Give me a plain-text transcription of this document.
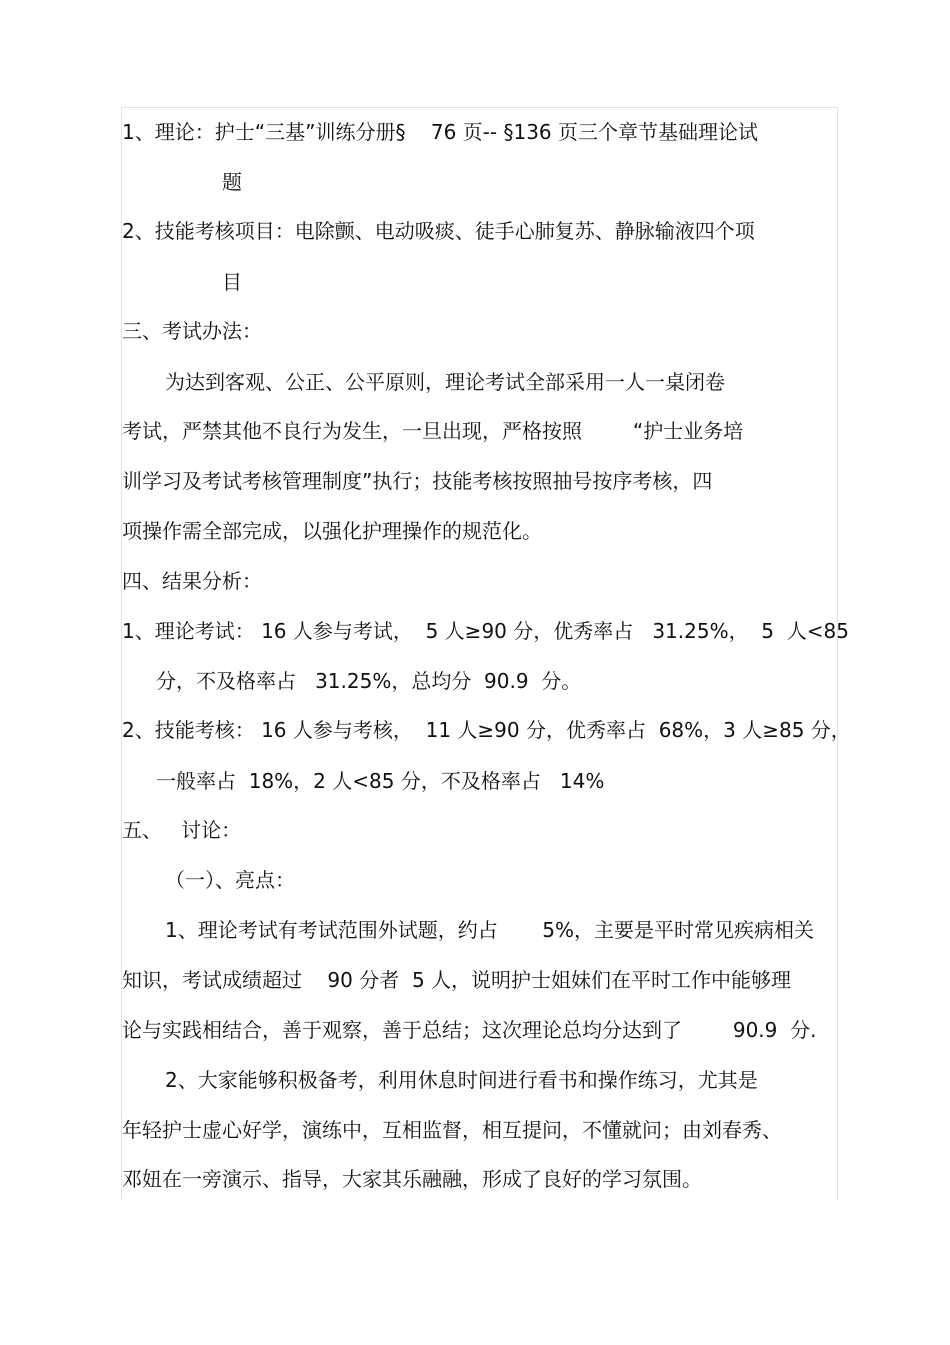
1、理论：护士“三基”训练分册§    76 页-- §136 页三个章节基础理论试
题
2、技能考核项目：电除颤、电动吸痰、徒手心肺复苏、静脉输液四个项
目
三、考试办法：
为达到客观、公正、公平原则，理论考试全部采用一人一桌闭卷
考试，严禁其他不良行为发生，一旦出现，严格按照        “护士业务培
训学习及考试考核管理制度”执行；技能考核按照抽号按序考核，四
项操作需全部完成，以强化护理操作的规范化。
四、结果分析：
1、理论考试： 16 人参与考试，  5 人≥90 分，优秀率占   31.25%，  5  人<85
分，不及格率占   31.25%，总均分  90.9  分。
2、技能考核： 16 人参与考核，  11 人≥90 分，优秀率占  68%，3 人≥85 分，
一般率占  18%，2 人<85 分，不及格率占   14%
五、   讨论：
（一）、亮点：
1、理论考试有考试范围外试题，约占       5%，主要是平时常见疾病相关
知识，考试成绩超过    90 分者  5 人，说明护士姐妹们在平时工作中能够理
论与实践相结合，善于观察，善于总结；这次理论总均分达到了        90.9  分.
2、大家能够积极备考，利用休息时间进行看书和操作练习，尤其是
年轻护士虚心好学，演练中，互相监督，相互提问，不懂就问；由刘春秀、
邓妞在一旁演示、指导，大家其乐融融，形成了良好的学习氛围。
